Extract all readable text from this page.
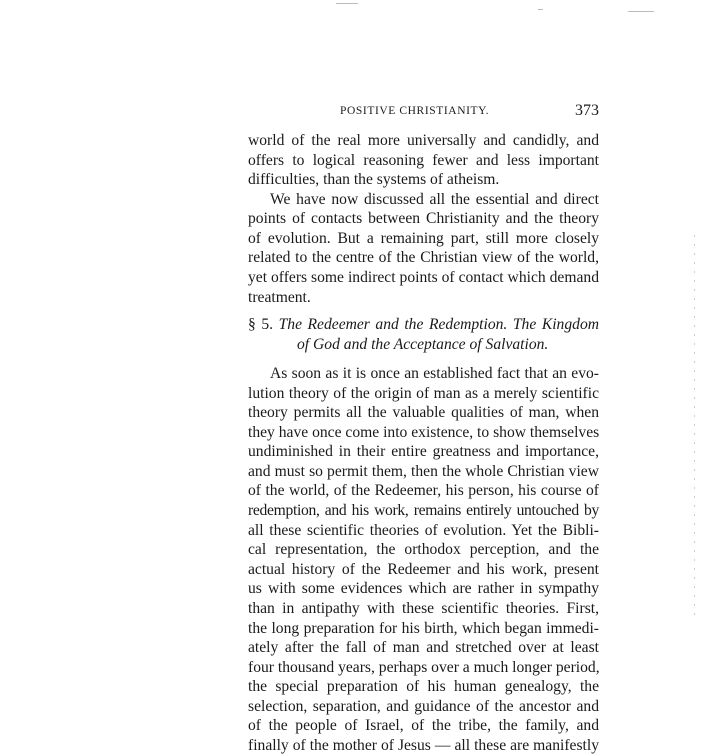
POSITIVE CHRISTIANITY.	373
world of the real more universally and candidly, and
offers to logical reasoning fewer and less important
difficulties, than the systems of atheism.
We have now discussed all the essential and direct
points of contacts between Christianity and the theory
of evolution. But a remaining part, still more closely
related to the centre of the Christian view of the world,
yet offers some indirect points of contact which demand
treatment.
§ 5. The Redeemer and the Redemption. The Kingdom
of God and the Acceptance of Salvation.
As soon as it is once an established fact that an evo-
lution theory of the origin of man as a merely scientific
theory permits all the valuable qualities of man, when
they have once come into existence, to show themselves
undiminished in their entire greatness and importance,
and must so permit them, then the whole Christian view
of the world, of the Redeemer, his person, his course of
redemption, and his work, remains entirely untouched by
all these scientific theories of evolution. Yet the Bibli-
cal representation, the orthodox perception, and the
actual history of the Redeemer and his work, present
us with some evidences which are rather in sympathy
than in antipathy with these scientific theories. First,
the long preparation for his birth, which began immedi-
ately after the fall of man and stretched over at least
four thousand years, perhaps over a much longer period,
the special preparation of his human genealogy, the
selection, separation, and guidance of the ancestor and
of the people of Israel, of the tribe, the family, and
finally of the mother of Jesus — all these are manifestly
